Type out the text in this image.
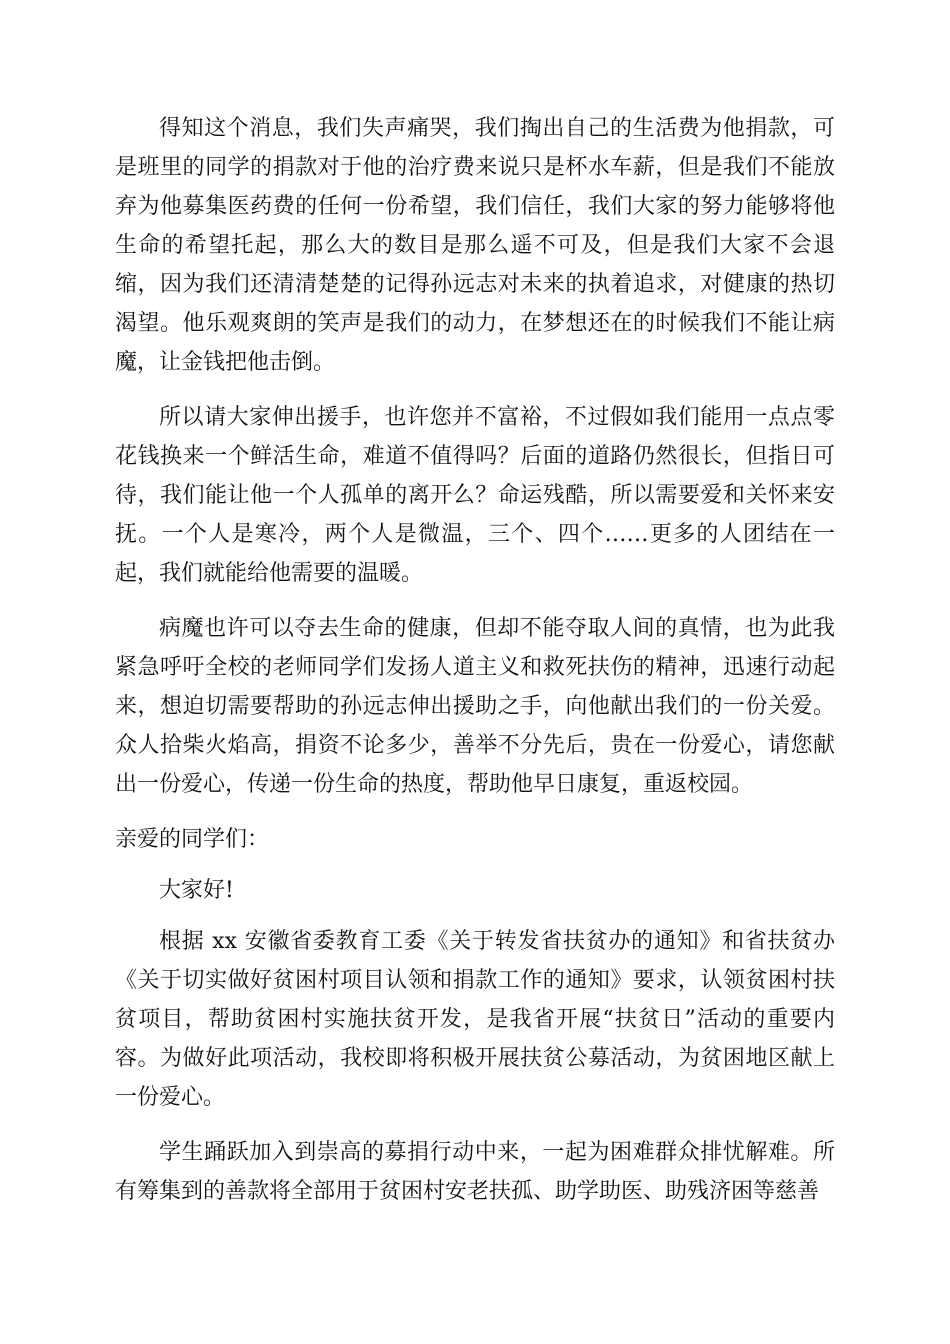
得知这个消息，我们失声痛哭，我们掏出自己的生活费为他捐款，可是班里的同学的捐款对于他的治疗费来说只是杯水车薪，但是我们不能放弃为他募集医药费的任何一份希望，我们信任，我们大家的努力能够将他生命的希望托起，那么大的数目是那么遥不可及，但是我们大家不会退缩，因为我们还清清楚楚的记得孙远志对未来的执着追求，对健康的热切渴望。他乐观爽朗的笑声是我们的动力，在梦想还在的时候我们不能让病魔，让金钱把他击倒。

所以请大家伸出援手，也许您并不富裕，不过假如我们能用一点点零花钱换来一个鲜活生命，难道不值得吗？后面的道路仍然很长，但指日可待，我们能让他一个人孤单的离开么？命运残酷，所以需要爱和关怀来安抚。一个人是寒冷，两个人是微温，三个、四个……更多的人团结在一起，我们就能给他需要的温暖。

病魔也许可以夺去生命的健康，但却不能夺取人间的真情，也为此我紧急呼吁全校的老师同学们发扬人道主义和救死扶伤的精神，迅速行动起来，想迫切需要帮助的孙远志伸出援助之手，向他献出我们的一份关爱。众人拾柴火焰高，捐资不论多少，善举不分先后，贵在一份爱心，请您献出一份爱心，传递一份生命的热度，帮助他早日康复，重返校园。

亲爱的同学们：

大家好!

根据 xx 安徽省委教育工委《关于转发省扶贫办的通知》和省扶贫办《关于切实做好贫困村项目认领和捐款工作的通知》要求，认领贫困村扶贫项目，帮助贫困村实施扶贫开发，是我省开展“扶贫日”活动的重要内容。为做好此项活动，我校即将积极开展扶贫公募活动，为贫困地区献上一份爱心。

学生踊跃加入到崇高的募捐行动中来，一起为困难群众排忧解难。所有筹集到的善款将全部用于贫困村安老扶孤、助学助医、助残济困等慈善
